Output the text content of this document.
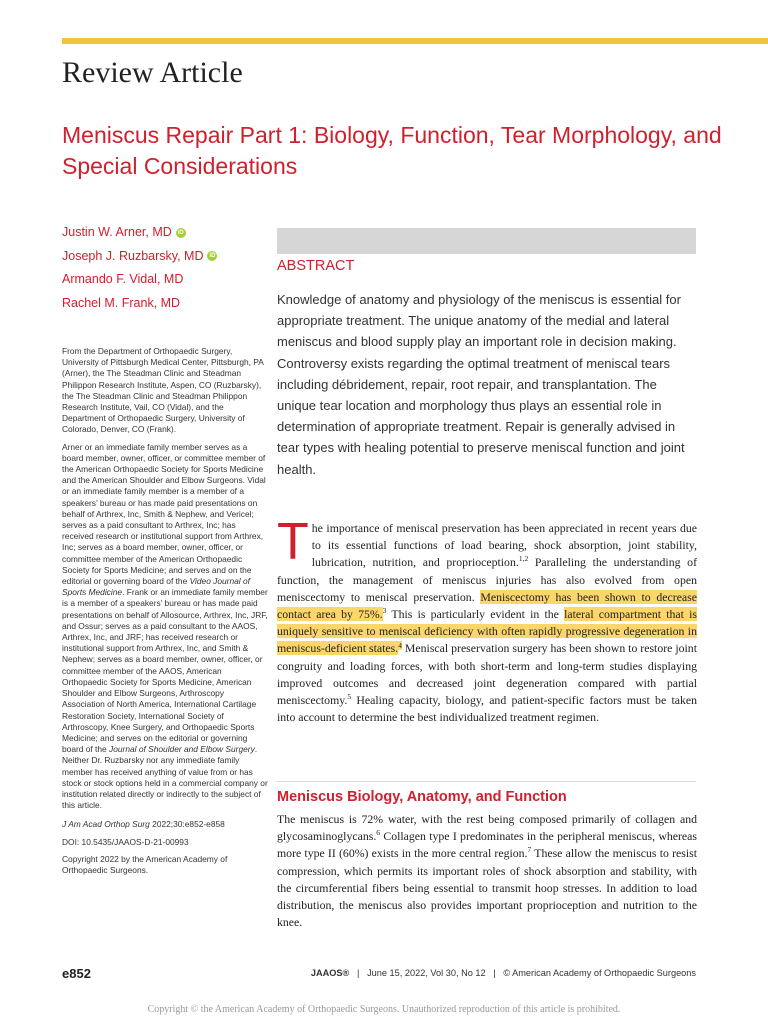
Review Article
Meniscus Repair Part 1: Biology, Function, Tear Morphology, and Special Considerations
Justin W. Arner, MD	iD
Joseph J. Ruzbarsky, MD	iD
Armando F. Vidal, MD
Rachel M. Frank, MD
ABSTRACT

Knowledge of anatomy and physiology of the meniscus is essential for appropriate treatment. The unique anatomy of the medial and lateral meniscus and blood supply play an important role in decision making. Controversy exists regarding the optimal treatment of meniscal tears including débridement, repair, root repair, and transplantation. The unique tear location and morphology thus plays an essential role in determination of appropriate treatment. Repair is generally advised in tear types with healing potential to preserve meniscal function and joint health.

From the Department of Orthopaedic Surgery, University of Pittsburgh Medical Center, Pittsburgh, PA (Arner), the The Steadman Clinic and Steadman Philippon Research Institute, Aspen, CO (Ruzbarsky), the The Steadman Clinic and Steadman Philippon Research Institute, Vail, CO (Vidal), and the Department of Orthopaedic Surgery, University of Colorado, Denver, CO (Frank).

Arner or an immediate family member serves as a board member, owner, officer, or committee member of the American Orthopaedic Society for Sports Medicine and the American Shoulder and Elbow Surgeons. Vidal or an immediate family member is a member of a speakers’ bureau or has made paid presentations on behalf of Arthrex, Inc, Smith & Nephew, and Vericel; serves as a paid consultant to Arthrex, Inc; has received research or institutional support from Arthrex, Inc; serves as a board member, owner, officer, or committee member of the American Orthopaedic Society for Sports Medicine; and serves and on the editorial or governing board of the Video Journal of Sports Medicine. Frank or an immediate family member is a member of a speakers’ bureau or has made paid presentations on behalf of Allosource, Arthrex, Inc, JRF, and Ossur; serves as a paid consultant to the AAOS, Arthrex, Inc, and JRF; has received research or institutional support from Arthrex, Inc, and Smith & Nephew; serves as a board member, owner, officer, or committee member of the AAOS, American Orthopaedic Society for Sports Medicine, American Shoulder and Elbow Surgeons, Arthroscopy Association of North America, International Cartilage Restoration Society, International Society of Arthroscopy, Knee Surgery, and Orthopaedic Sports Medicine; and serves on the editorial or governing board of the Journal of Shoulder and Elbow Surgery. Neither Dr. Ruzbarsky nor any immediate family member has received anything of value from or has stock or stock options held in a commercial company or institution related directly or indirectly to the subject of this article.

J Am Acad Orthop Surg 2022;30:e852-e858

DOI: 10.5435/JAAOS-D-21-00993

Copyright 2022 by the American Academy of Orthopaedic Surgeons.

The importance of meniscal preservation has been appreciated in recent years due to its essential functions of load bearing, shock absorption, joint stability, lubrication, nutrition, and proprioception.$^{1,2}$ Paralleling the understanding of function, the management of meniscus injuries has also evolved from open meniscectomy to meniscal preservation. Meniscectomy has been shown to decrease contact area by 75%.$^3$ This is particularly evident in the lateral compartment that is uniquely sensitive to meniscal deficiency with often rapidly progressive degeneration in meniscus-deficient states.$^4$ Meniscal preservation surgery has been shown to restore joint congruity and loading forces, with both short-term and long-term studies displaying improved outcomes and decreased joint degeneration compared with partial meniscectomy.$^5$ Healing capacity, biology, and patient-specific factors must be taken into account to determine the best individualized treatment regimen.

Meniscus Biology, Anatomy, and Function

The meniscus is 72% water, with the rest being composed primarily of collagen and glycosaminoglycans.$^6$ Collagen type I predominates in the peripheral meniscus, whereas more type II (60%) exists in the more central region.$^7$ These allow the meniscus to resist compression, which permits its important roles of shock absorption and stability, with the circumferential fibers being essential to transmit hoop stresses. In addition to load distribution, the meniscus also provides important proprioception and nutrition to the knee.

e852	JAAOS® | June 15, 2022, Vol 30, No 12 | © American Academy of Orthopaedic Surgeons
Copyright © the American Academy of Orthopaedic Surgeons. Unauthorized reproduction of this article is prohibited.
